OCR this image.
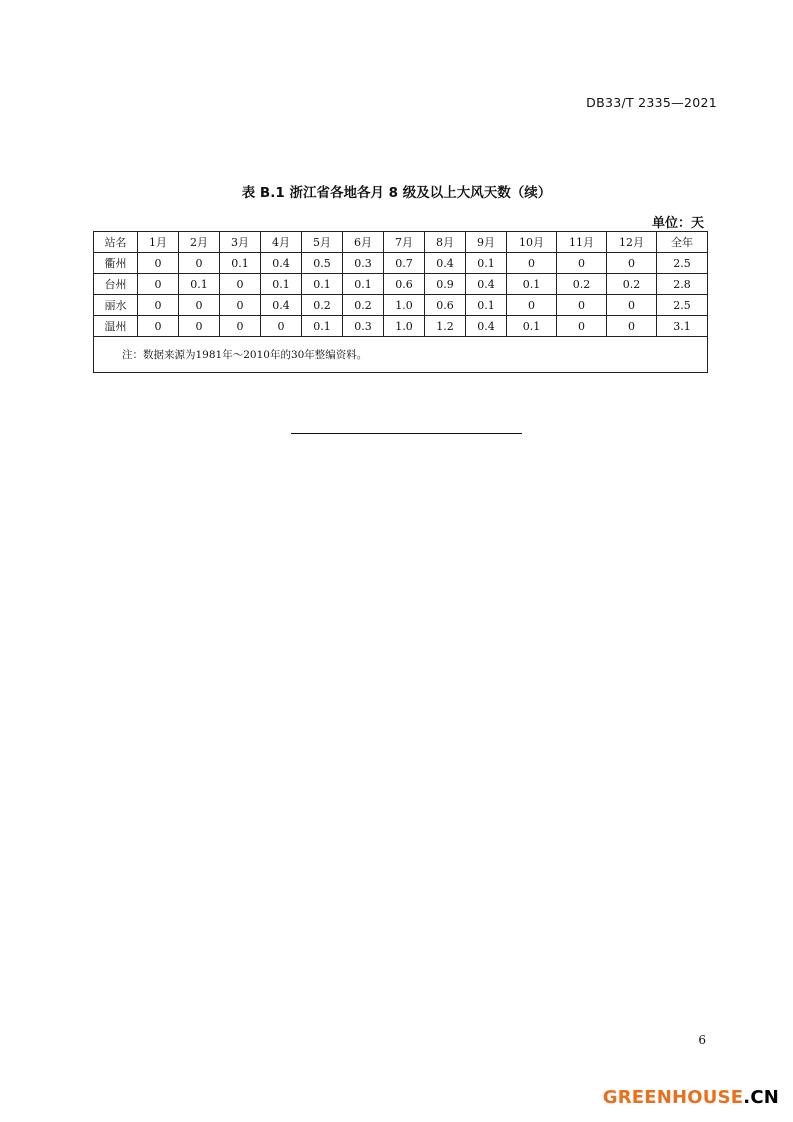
DB33/T 2335—2021
表 B.1 浙江省各地各月 8 级及以上大风天数（续）
单位：天
站名	1月	2月	3月	4月	5月	6月	7月	8月	9月	10月	11月	12月	全年
衢州	0	0	0.1	0.4	0.5	0.3	0.7	0.4	0.1	0	0	0	2.5
台州	0	0.1	0	0.1	0.1	0.1	0.6	0.9	0.4	0.1	0.2	0.2	2.8
丽水	0	0	0	0.4	0.2	0.2	1.0	0.6	0.1	0	0	0	2.5
温州	0	0	0	0	0.1	0.3	1.0	1.2	0.4	0.1	0	0	3.1
注：数据来源为1981年～2010年的30年整编资料。													
6
GREENHOUSE.CN
